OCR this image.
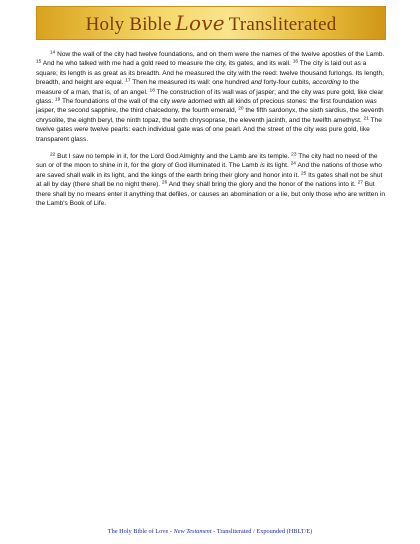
Holy Bible Love Transliterated

$^{14}$ Now the wall of the city had twelve foundations, and on them were the names of the twelve apostles of the Lamb. $^{15}$ And he who talked with me had a gold reed to measure the city, its gates, and its wall. $^{16}$ The city is laid out as a square; its length is as great as its breadth. And he measured the city with the reed: twelve thousand furlongs. Its length, breadth, and height are equal. $^{17}$ Then he measured its wall: one hundred and forty-four cubits, according to the measure of a man, that is, of an angel. $^{18}$ The construction of its wall was of jasper; and the city was pure gold, like clear glass. $^{19}$ The foundations of the wall of the city were adorned with all kinds of precious stones: the first foundation was jasper, the second sapphire, the third chalcedony, the fourth emerald, $^{20}$ the fifth sardonyx, the sixth sardius, the seventh chrysolite, the eighth beryl, the ninth topaz, the tenth chrysoprase, the eleventh jacinth, and the twelfth amethyst. $^{21}$ The twelve gates were twelve pearls: each individual gate was of one pearl. And the street of the city was pure gold, like transparent glass.

$^{22}$ But I saw no temple in it, for the Lord God Almighty and the Lamb are its temple. $^{23}$ The city had no need of the sun or of the moon to shine in it, for the glory of God illuminated it. The Lamb is its light. $^{24}$ And the nations of those who are saved shall walk in its light, and the kings of the earth bring their glory and honor into it. $^{25}$ Its gates shall not be shut at all by day (there shall be no night there). $^{26}$ And they shall bring the glory and the honor of the nations into it. $^{27}$ But there shall by no means enter it anything that defiles, or causes an abomination or a lie, but only those who are written in the Lamb's Book of Life.

The Holy Bible of Love - New Testament - Transliterated / Expounded (HBLT/E)
